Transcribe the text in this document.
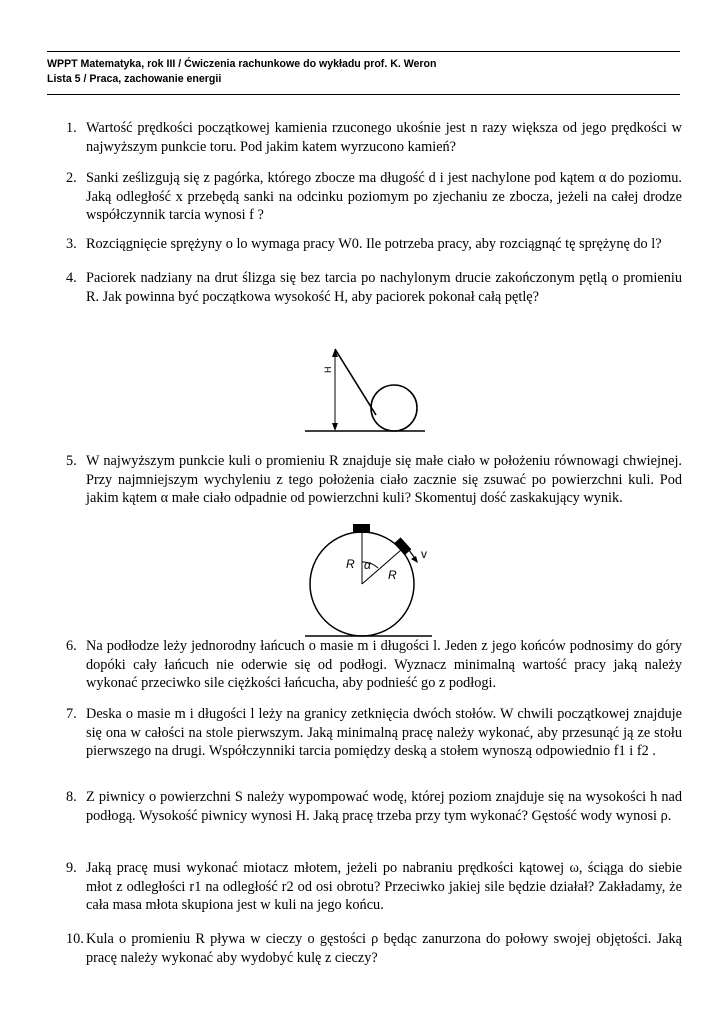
WPPT Matematyka, rok III / Ćwiczenia rachunkowe do wykładu prof. K. Weron
Lista 5 / Praca, zachowanie energii
1. Wartość prędkości początkowej kamienia rzuconego ukośnie jest n razy większa od jego prędkości w najwyższym punkcie toru. Pod jakim katem wyrzucono kamień?
2. Sanki ześlizgują się z pagórka, którego zbocze ma długość d i jest nachylone pod kątem α do poziomu. Jaką odległość x przebędą sanki na odcinku poziomym po zjechaniu ze zbocza, jeżeli na całej drodze współczynnik tarcia wynosi f ?
3. Rozciągnięcie sprężyny o lo wymaga pracy W0. Ile potrzeba pracy, aby rozciągnąć tę sprężynę do l?
4. Paciorek nadziany na drut ślizga się bez tarcia po nachylonym drucie zakończonym pętlą o promieniu R. Jak powinna być początkowa wysokość H, aby paciorek pokonał całą pętlę?
H
5. W najwyższym punkcie kuli o promieniu R znajduje się małe ciało w położeniu równowagi chwiejnej. Przy najmniejszym wychyleniu z tego położenia ciało zacznie się zsuwać po powierzchni kuli. Pod jakim kątem α małe ciało odpadnie od powierzchni kuli? Skomentuj dość zaskakujący wynik.
R α
R
v
6. Na podłodze leży jednorodny łańcuch o masie m i długości l. Jeden z jego końców podnosimy do góry dopóki cały łańcuch nie oderwie się od podłogi. Wyznacz minimalną wartość pracy jaką należy wykonać przeciwko sile ciężkości łańcucha, aby podnieść go z podłogi.
7. Deska o masie m i długości l leży na granicy zetknięcia dwóch stołów. W chwili początkowej znajduje się ona w całości na stole pierwszym. Jaką minimalną pracę należy wykonać, aby przesunąć ją ze stołu pierwszego na drugi. Współczynniki tarcia pomiędzy deską a stołem wynoszą odpowiednio f1 i f2 .
8. Z piwnicy o powierzchni S należy wypompować wodę, której poziom znajduje się na wysokości h nad podłogą. Wysokość piwnicy wynosi H. Jaką pracę trzeba przy tym wykonać? Gęstość wody wynosi ρ.
9. Jaką pracę musi wykonać miotacz młotem, jeżeli po nabraniu prędkości kątowej ω, ściąga do siebie młot z odległości r1 na odległość r2 od osi obrotu? Przeciwko jakiej sile będzie działał? Zakładamy, że cała masa młota skupiona jest w kuli na jego końcu.
10. Kula o promieniu R pływa w cieczy o gęstości ρ będąc zanurzona do połowy swojej objętości. Jaką pracę należy wykonać aby wydobyć kulę z cieczy?
